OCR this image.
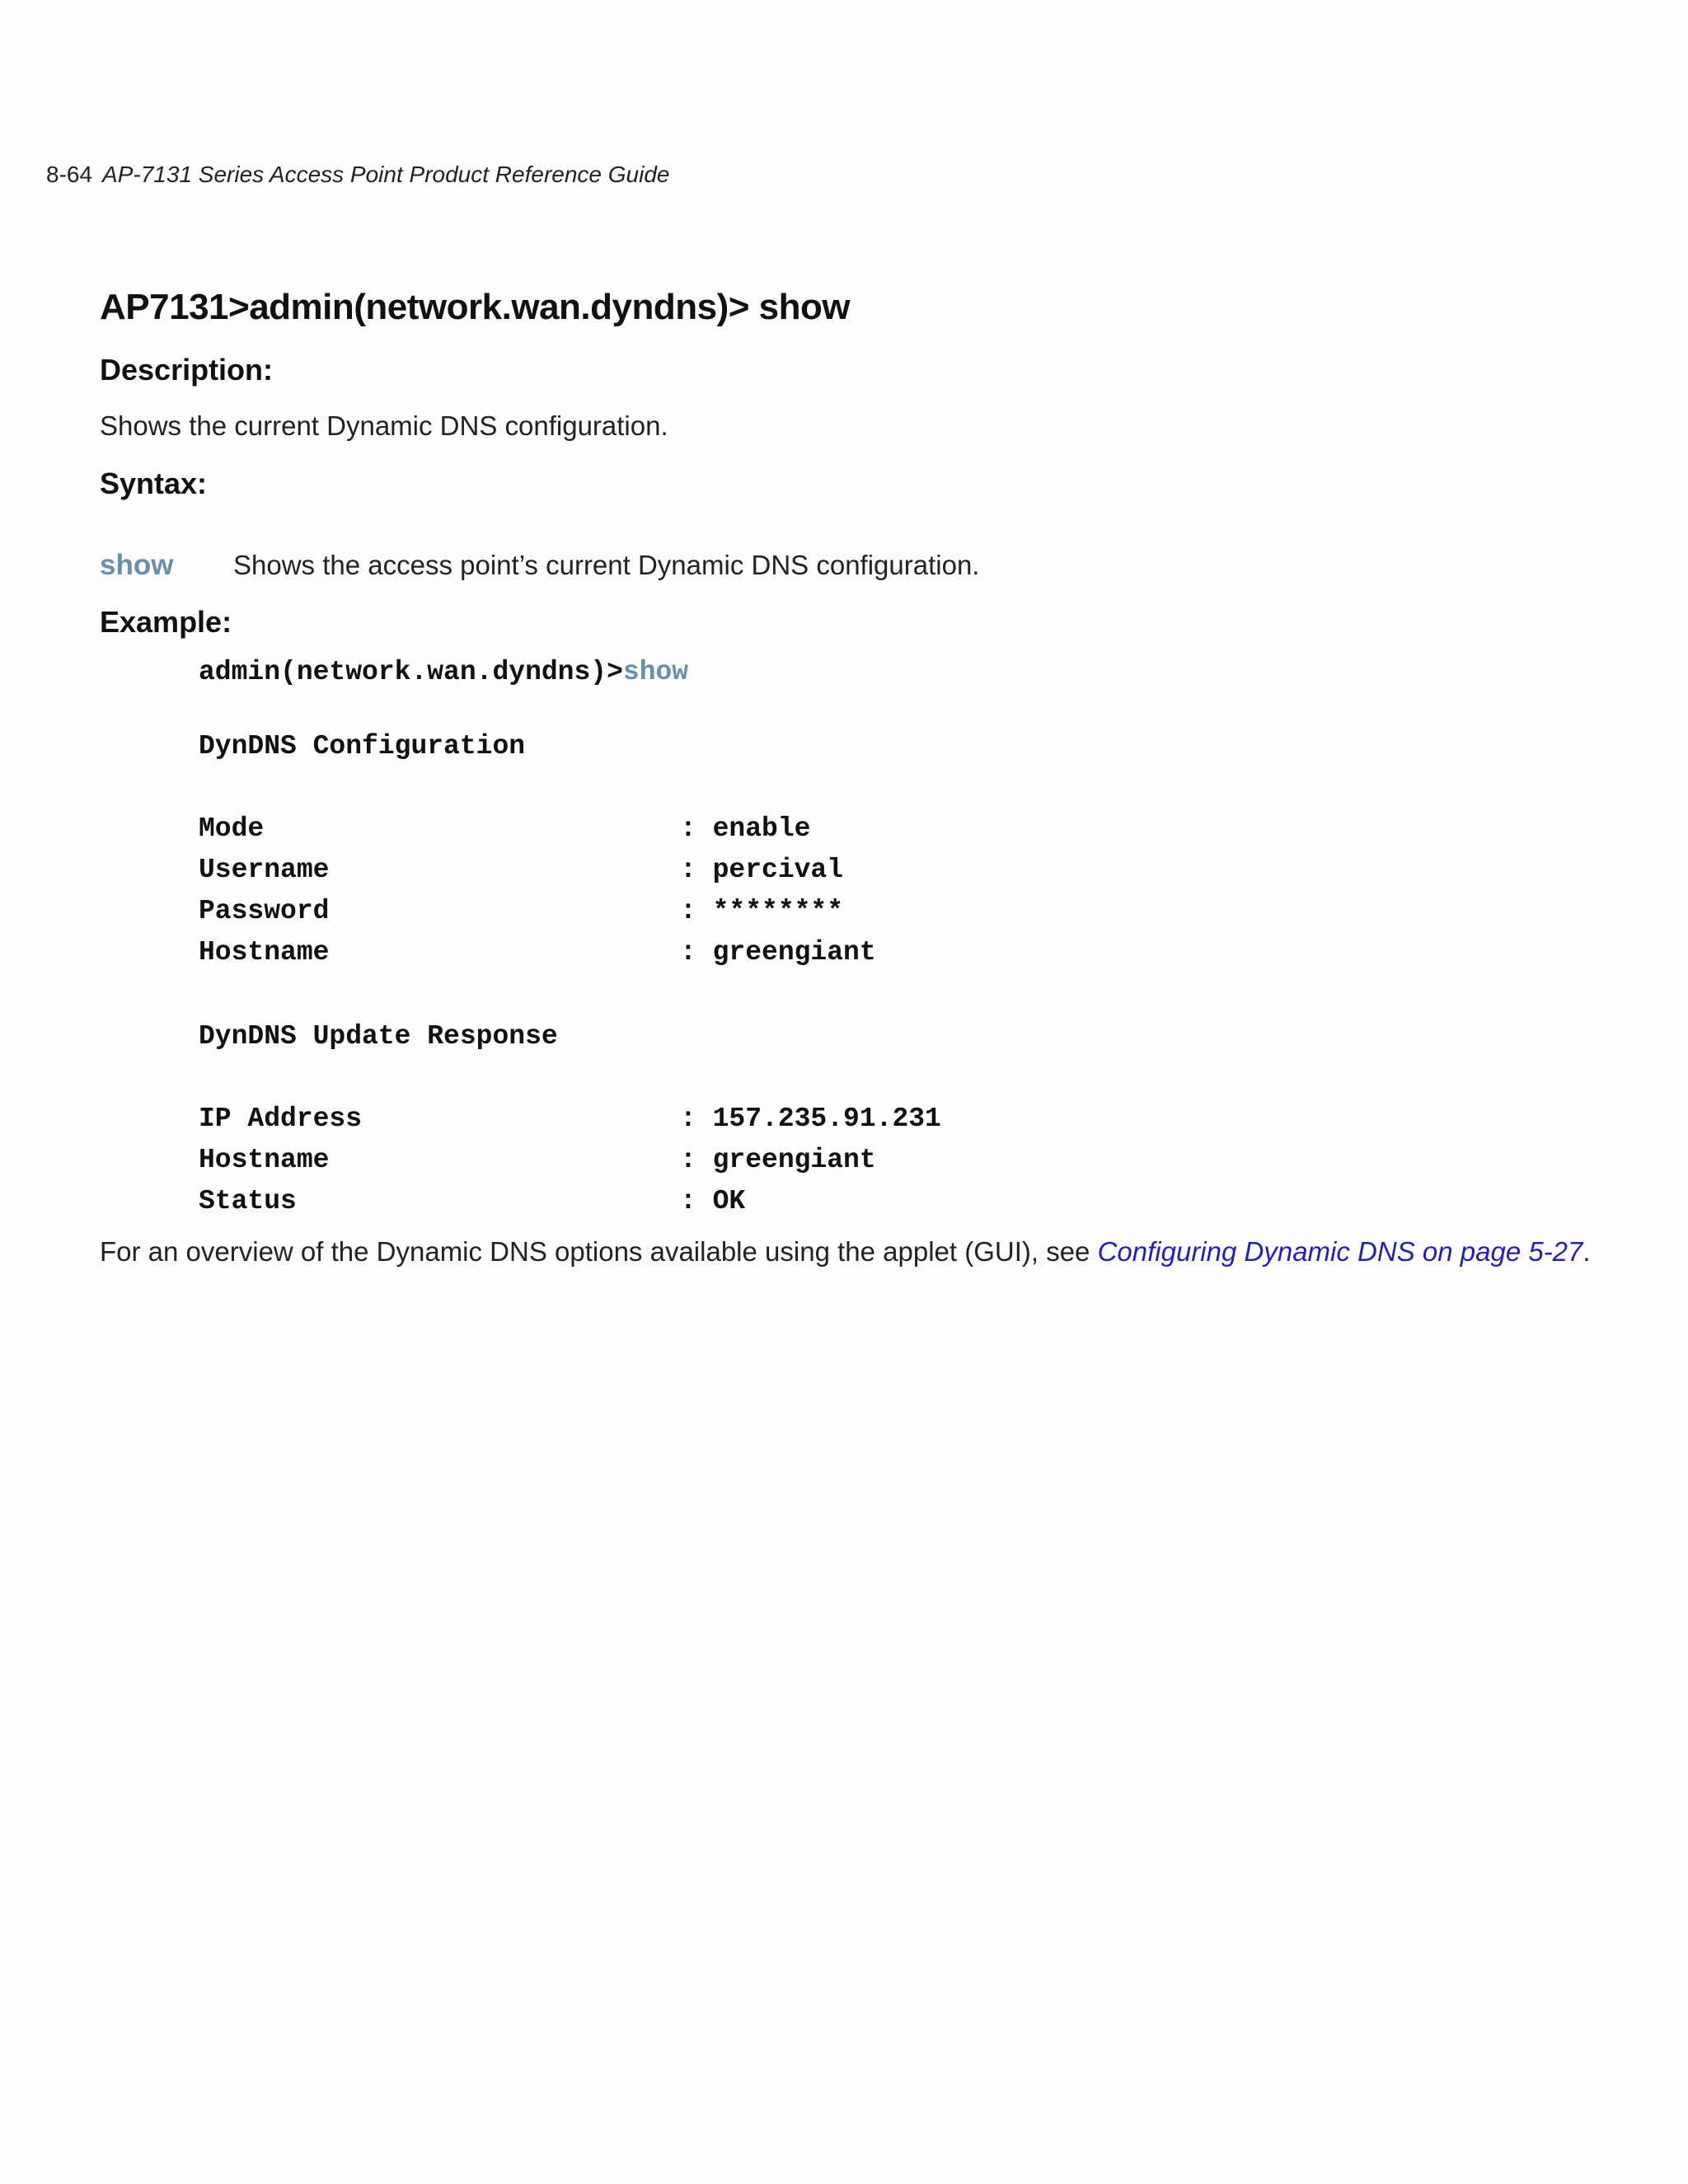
8-64 AP-7131 Series Access Point Product Reference Guide
AP7131>admin(network.wan.dyndns)> show
Description:

Shows the current Dynamic DNS configuration.

Syntax:
show Shows the access point’s current Dynamic DNS configuration.
Example:
admin(network.wan.dyndns)>show
DynDNS Configuration
Mode	: enable
Username	: percival
Password	: ********
Hostname	: greengiant
DynDNS Update Response
IP Address	: 157.235.91.231
Hostname	: greengiant
Status	: OK

For an overview of the Dynamic DNS options available using the applet (GUI), see Configuring Dynamic DNS on page 5-27.
